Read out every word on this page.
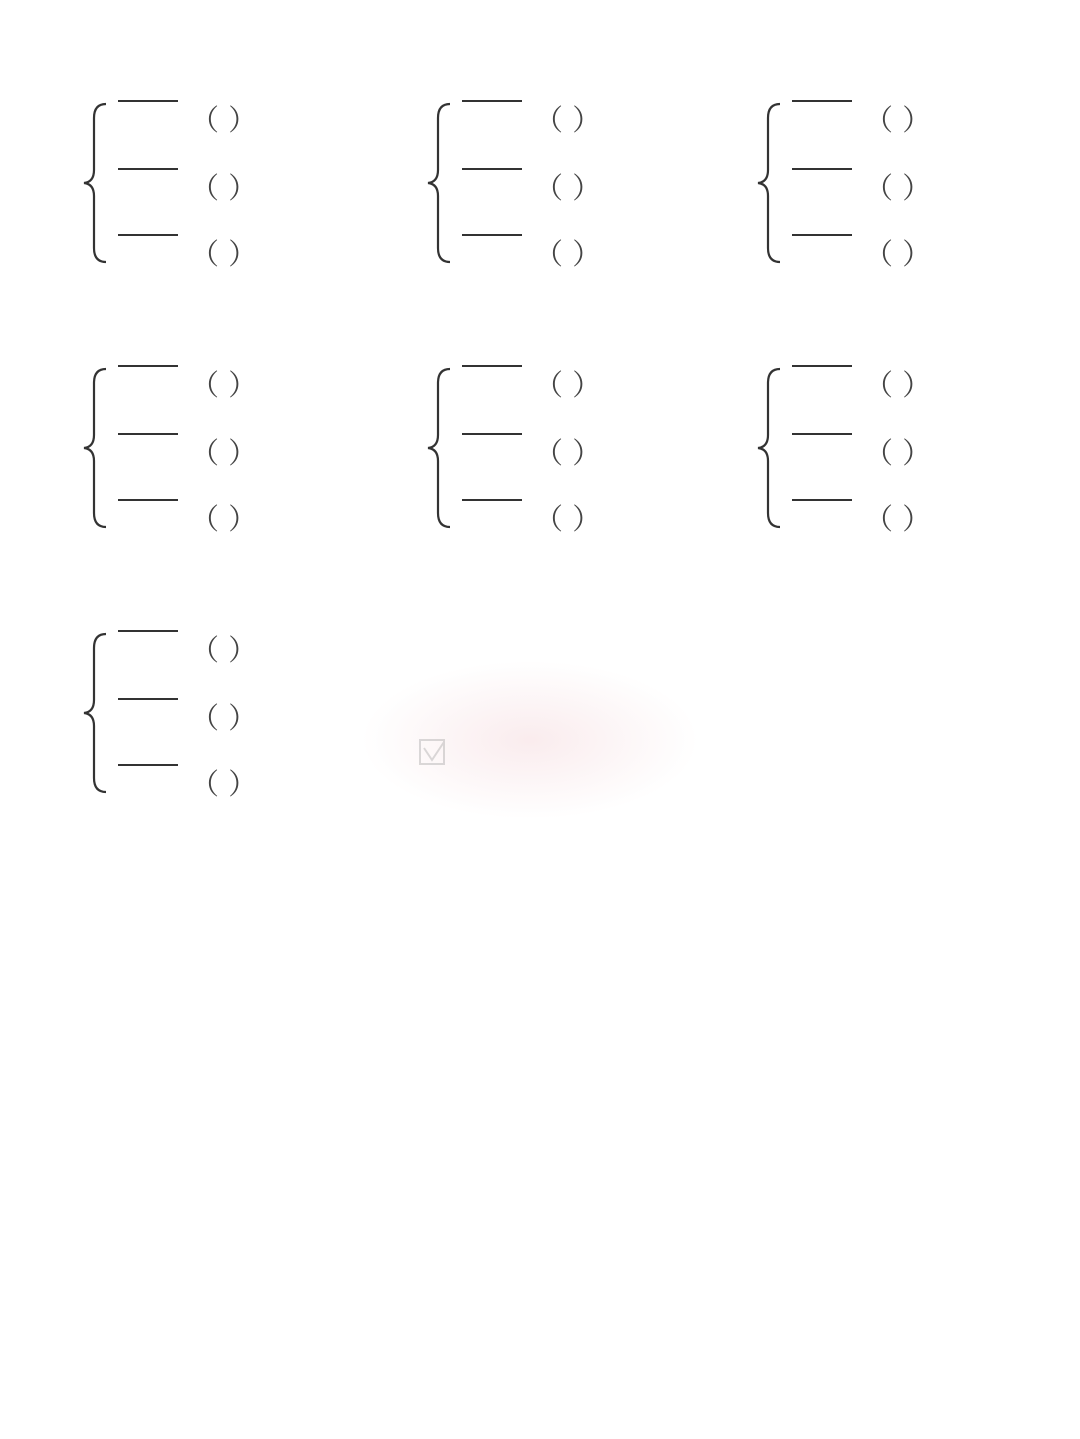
（ ）
（ ）
（ ）
（ ）
（ ）
（ ）
（ ）
（ ）
（ ）
（ ）
（ ）
（ ）
（ ）
（ ）
（ ）
（ ）
（ ）
（ ）
（ ）
（ ）
（ ）
